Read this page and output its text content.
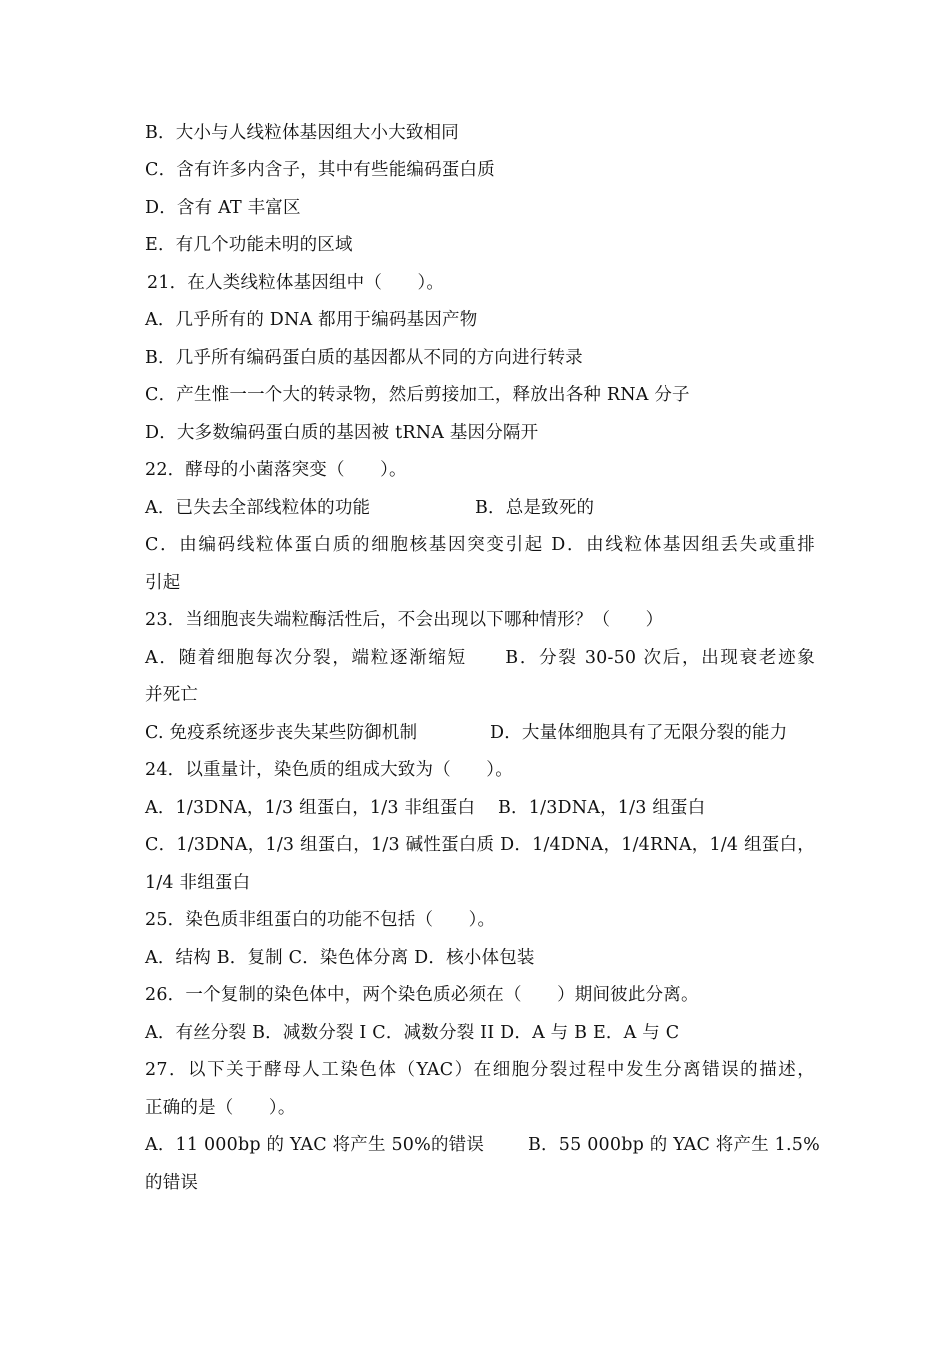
B．大小与人线粒体基因组大小大致相同
C．含有许多内含子，其中有些能编码蛋白质
D．含有 AT 丰富区
E．有几个功能未明的区域
21．在人类线粒体基因组中（　　）。
A．几乎所有的 DNA 都用于编码基因产物
B．几乎所有编码蛋白质的基因都从不同的方向进行转录
C．产生惟一一个大的转录物，然后剪接加工，释放出各种 RNA 分子
D．大多数编码蛋白质的基因被 tRNA 基因分隔开
22．酵母的小菌落突变（　　）。
A．已失去全部线粒体的功能	B．总是致死的
C．由编码线粒体蛋白质的细胞核基因突变引起 D．由线粒体基因组丢失或重排
引起
23．当细胞丧失端粒酶活性后，不会出现以下哪种情形？（　　）
A．随着细胞每次分裂，端粒逐渐缩短　　B．分裂 30-50 次后，出现衰老迹象
并死亡
C. 免疫系统逐步丧失某些防御机制	D．大量体细胞具有了无限分裂的能力
24．以重量计，染色质的组成大致为（　　）。
A．1/3DNA，1/3 组蛋白，1/3 非组蛋白 B．1/3DNA，1/3 组蛋白
C．1/3DNA，1/3 组蛋白，1/3 碱性蛋白质 D．1/4DNA，1/4RNA，1/4 组蛋白，
1/4 非组蛋白
25．染色质非组蛋白的功能不包括（　　）。
A．结构 B．复制 C．染色体分离 D．核小体包装
26．一个复制的染色体中，两个染色质必须在（　　）期间彼此分离。
A．有丝分裂 B．减数分裂 I C．减数分裂 II D．A 与 B E．A 与 C
27．以下关于酵母人工染色体（YAC）在细胞分裂过程中发生分离错误的描述，
正确的是（　　）。
A．11 000bp 的 YAC 将产生 50%的错误	B．55 000bp 的 YAC 将产生 1.5%
的错误
